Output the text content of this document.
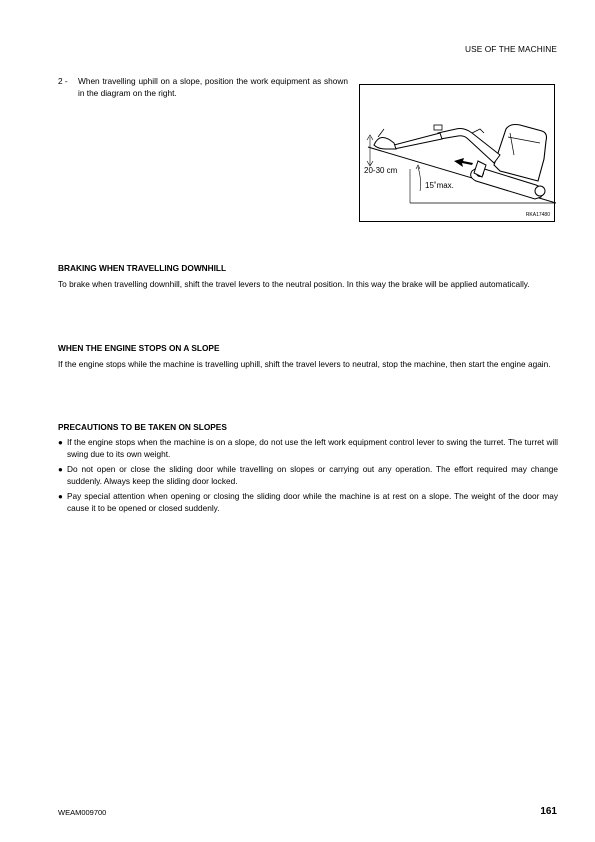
USE OF THE MACHINE
2 - When travelling uphill on a slope, position the work equipment as shown in the diagram on the right.
20-30 cm
15˚max.
RKA17480
BRAKING WHEN TRAVELLING DOWNHILL
To brake when travelling downhill, shift the travel levers to the neutral position. In this way the brake will be applied automatically.
WHEN THE ENGINE STOPS ON A SLOPE
If the engine stops while the machine is travelling uphill, shift the travel levers to neutral, stop the machine, then start the engine again.
PRECAUTIONS TO BE TAKEN ON SLOPES
● If the engine stops when the machine is on a slope, do not use the left work equipment control lever to swing the turret. The turret will swing due to its own weight.
● Do not open or close the sliding door while travelling on slopes or carrying out any operation. The effort required may change suddenly. Always keep the sliding door locked.
● Pay special attention when opening or closing the sliding door while the machine is at rest on a slope. The weight of the door may cause it to be opened or closed suddenly.
WEAM009700	161
